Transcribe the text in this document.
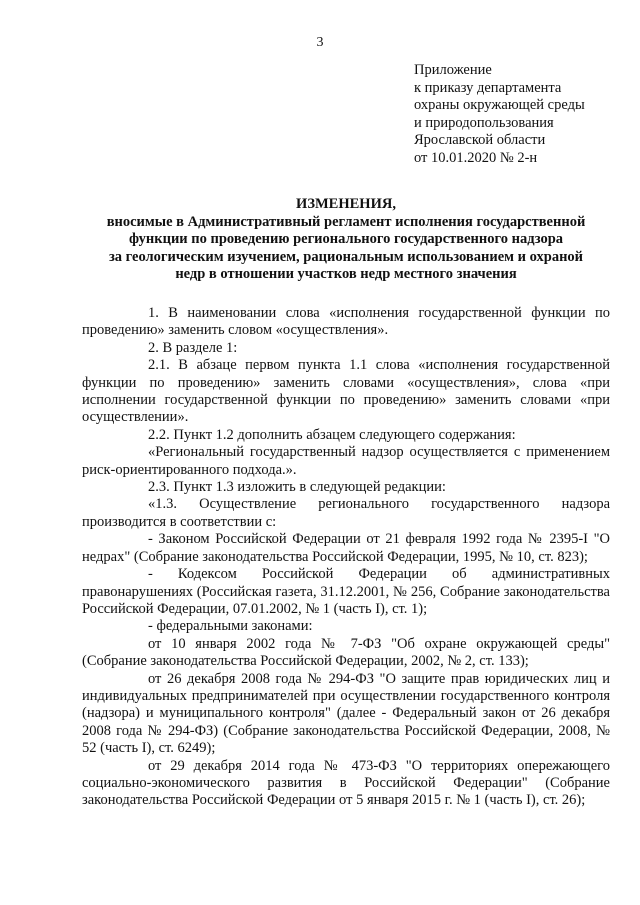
3
Приложение
к приказу департамента
охраны окружающей среды
и природопользования
Ярославской области
от 10.01.2020 № 2-н
ИЗМЕНЕНИЯ,
вносимые в Административный регламент исполнения государственной
функции по проведению регионального государственного надзора
за геологическим изучением, рациональным использованием и охраной
недр в отношении участков недр местного значения

1. В наименовании слова «исполнения государственной функции по проведению» заменить словом «осуществления».

2. В разделе 1:

2.1. В абзаце первом пункта 1.1 слова «исполнения государственной функции по проведению» заменить словами «осуществления», слова «при исполнении государственной функции по проведению» заменить словами «при осуществлении».

2.2. Пункт 1.2 дополнить абзацем следующего содержания:

«Региональный государственный надзор осуществляется с применением риск-ориентированного подхода.».

2.3. Пункт 1.3 изложить в следующей редакции:

«1.3. Осуществление регионального государственного надзора производится в соответствии с:

- Законом Российской Федерации от 21 февраля 1992 года № 2395-I "О недрах" (Собрание законодательства Российской Федерации, 1995, № 10, ст. 823);

- Кодексом Российской Федерации об административных правонарушениях (Российская газета, 31.12.2001, № 256, Собрание законодательства Российской Федерации, 07.01.2002, № 1 (часть I), ст. 1);

- федеральными законами:

от 10 января 2002 года № 7-ФЗ "Об охране окружающей среды" (Собрание законодательства Российской Федерации, 2002, № 2, ст. 133);

от 26 декабря 2008 года № 294-ФЗ "О защите прав юридических лиц и индивидуальных предпринимателей при осуществлении государственного контроля (надзора) и муниципального контроля" (далее - Федеральный закон от 26 декабря 2008 года № 294-ФЗ) (Собрание законодательства Российской Федерации, 2008, № 52 (часть I), ст. 6249);

от 29 декабря 2014 года № 473-ФЗ "О территориях опережающего социально-экономического развития в Российской Федерации" (Собрание законодательства Российской Федерации от 5 января 2015 г. № 1 (часть I), ст. 26);
